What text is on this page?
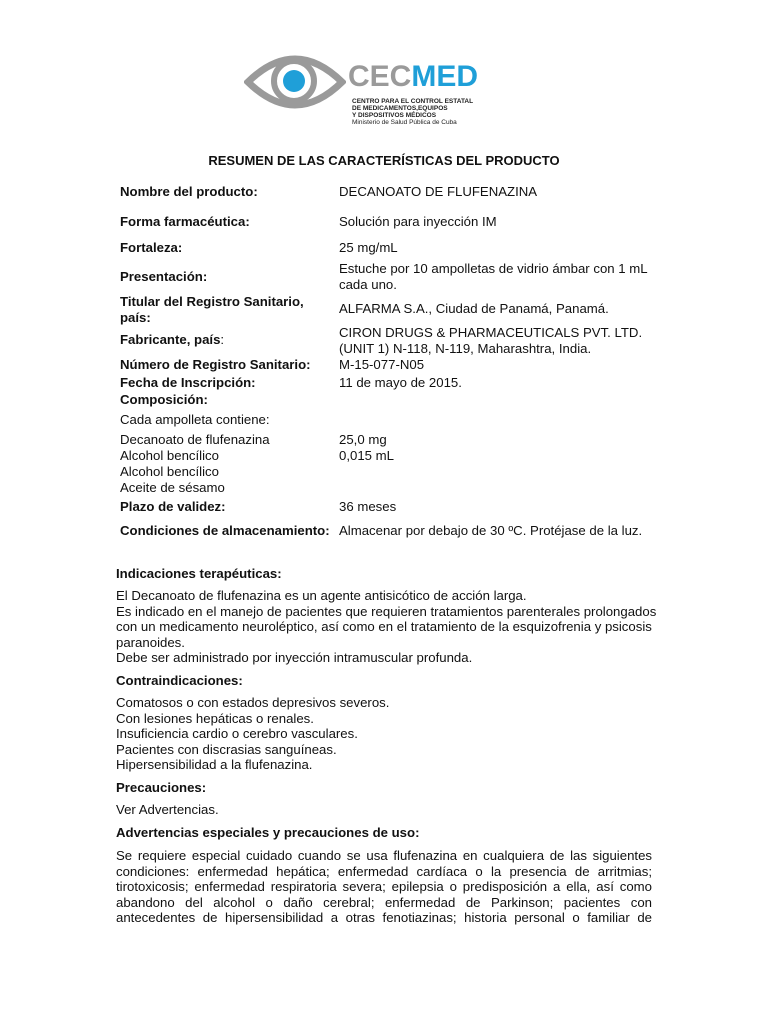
CECMED
CENTRO PARA EL CONTROL ESTATAL
DE MEDICAMENTOS,EQUIPOS
Y DISPOSITIVOS MÉDICOS
Ministerio de Salud Pública de Cuba
RESUMEN DE LAS CARACTERÍSTICAS DEL PRODUCTO
Nombre del producto:	DECANOATO DE FLUFENAZINA
Forma farmacéutica:	Solución para inyección IM
Fortaleza:	25 mg/mL
Presentación:
Estuche por 10 ampolletas de vidrio ámbar con 1 mL
cada uno.
Titular del Registro Sanitario,
país:
ALFARMA S.A., Ciudad de Panamá, Panamá.
Fabricante, país:	CIRON DRUGS & PHARMACEUTICALS PVT. LTD.
(UNIT 1) N-118, N-119, Maharashtra, India.
Número de Registro Sanitario:	M-15-077-N05
Fecha de Inscripción:	11 de mayo de 2015.
Composición:
Cada ampolleta contiene:
Decanoato de flufenazina	25,0 mg
Alcohol bencílico	0,015 mL
Alcohol bencílico
Aceite de sésamo
Plazo de validez:	36 meses
Condiciones de almacenamiento: Almacenar por debajo de 30 ºC. Protéjase de la luz.
Indicaciones terapéuticas:

El Decanoato de flufenazina es un agente antisicótico de acción larga.

Es indicado en el manejo de pacientes que requieren tratamientos parenterales prolongados

con un medicamento neuroléptico, así como en el tratamiento de la esquizofrenia y psicosis

paranoides.

Debe ser administrado por inyección intramuscular profunda.

Contraindicaciones:

Comatosos o con estados depresivos severos.

Con lesiones hepáticas o renales.

Insuficiencia cardio o cerebro vasculares.

Pacientes con discrasias sanguíneas.

Hipersensibilidad a la flufenazina.

Precauciones:

Ver Advertencias.

Advertencias especiales y precauciones de uso:

Se requiere especial cuidado cuando se usa flufenazina en cualquiera de las siguientes

condiciones: enfermedad hepática; enfermedad cardíaca o la presencia de arritmias;

tirotoxicosis; enfermedad respiratoria severa; epilepsia o predisposición a ella, así como

abandono del alcohol o daño cerebral; enfermedad de Parkinson; pacientes con

antecedentes de hipersensibilidad a otras fenotiazinas; historia personal o familiar de
